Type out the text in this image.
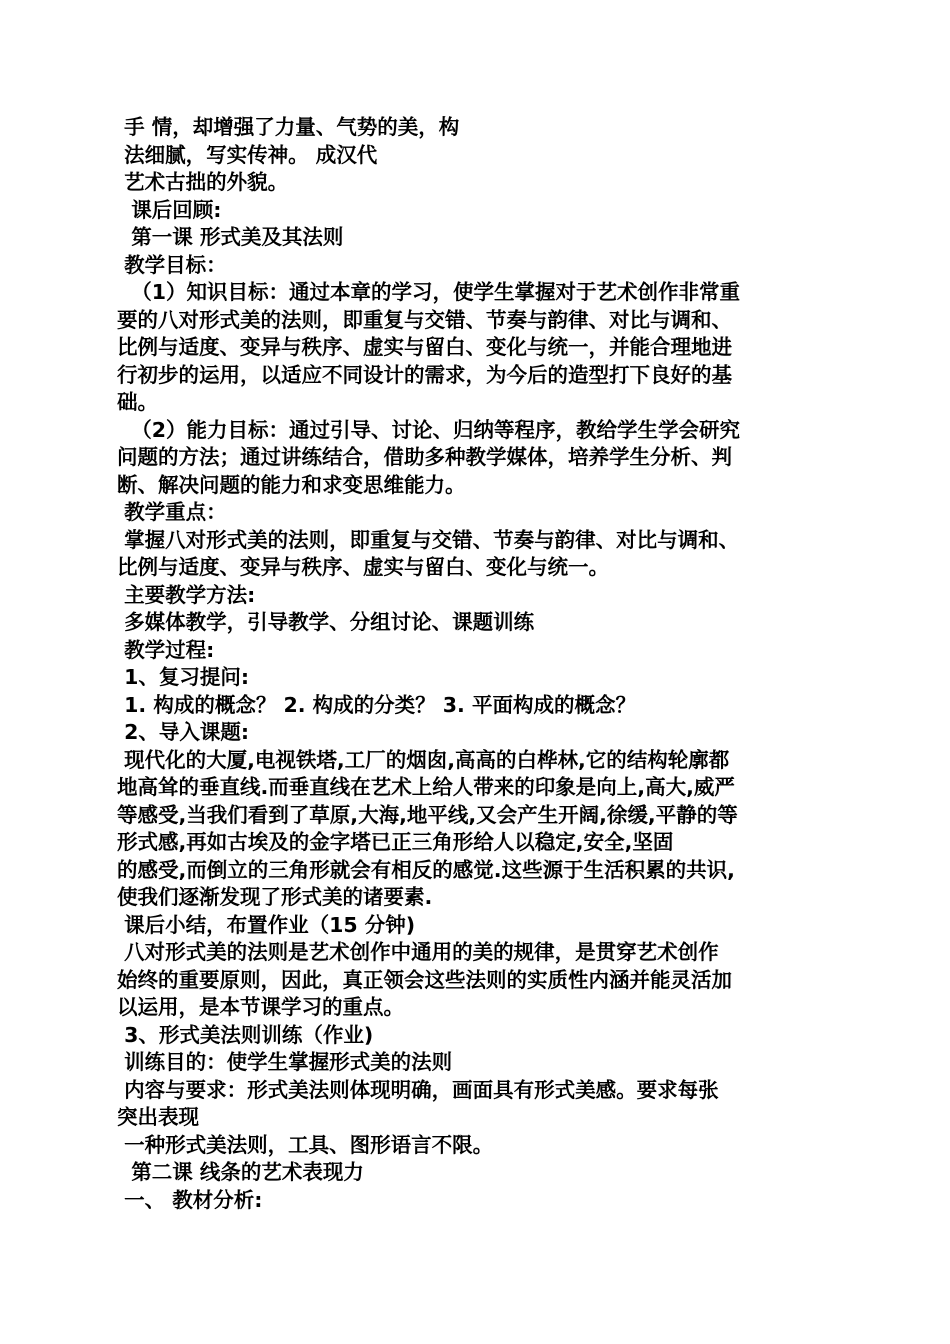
手 情，却增强了力量、气势的美，构
法细腻，写实传神。 成汉代
艺术古拙的外貌。
课后回顾:
第一课 形式美及其法则
教学目标：
（1）知识目标：通过本章的学习，使学生掌握对于艺术创作非常重
要的八对形式美的法则，即重复与交错、节奏与韵律、对比与调和、
比例与适度、变异与秩序、虚实与留白、变化与统一，并能合理地进
行初步的运用，以适应不同设计的需求，为今后的造型打下良好的基
础。
（2）能力目标：通过引导、讨论、归纳等程序，教给学生学会研究
问题的方法；通过讲练结合，借助多种教学媒体，培养学生分析、判
断、解决问题的能力和求变思维能力。
教学重点：
掌握八对形式美的法则，即重复与交错、节奏与韵律、对比与调和、
比例与适度、变异与秩序、虚实与留白、变化与统一。
主要教学方法:
多媒体教学，引导教学、分组讨论、课题训练
教学过程:
1、复习提问:
1. 构成的概念？ 2. 构成的分类？ 3. 平面构成的概念？
2、导入课题:
现代化的大厦,电视铁塔,工厂的烟囱,高高的白桦林,它的结构轮廓都
地高耸的垂直线.而垂直线在艺术上给人带来的印象是向上,高大,威严
等感受,当我们看到了草原,大海,地平线,又会产生开阔,徐缓,平静的等
形式感,再如古埃及的金字塔已正三角形给人以稳定,安全,坚固
的感受,而倒立的三角形就会有相反的感觉.这些源于生活积累的共识,
使我们逐渐发现了形式美的诸要素.
课后小结，布置作业（15 分钟)
八对形式美的法则是艺术创作中通用的美的规律，是贯穿艺术创作
始终的重要原则，因此，真正领会这些法则的实质性内涵并能灵活加
以运用，是本节课学习的重点。
3、形式美法则训练（作业)
训练目的：使学生掌握形式美的法则
内容与要求：形式美法则体现明确，画面具有形式美感。要求每张
突出表现
一种形式美法则，工具、图形语言不限。
第二课 线条的艺术表现力
一、 教材分析:
